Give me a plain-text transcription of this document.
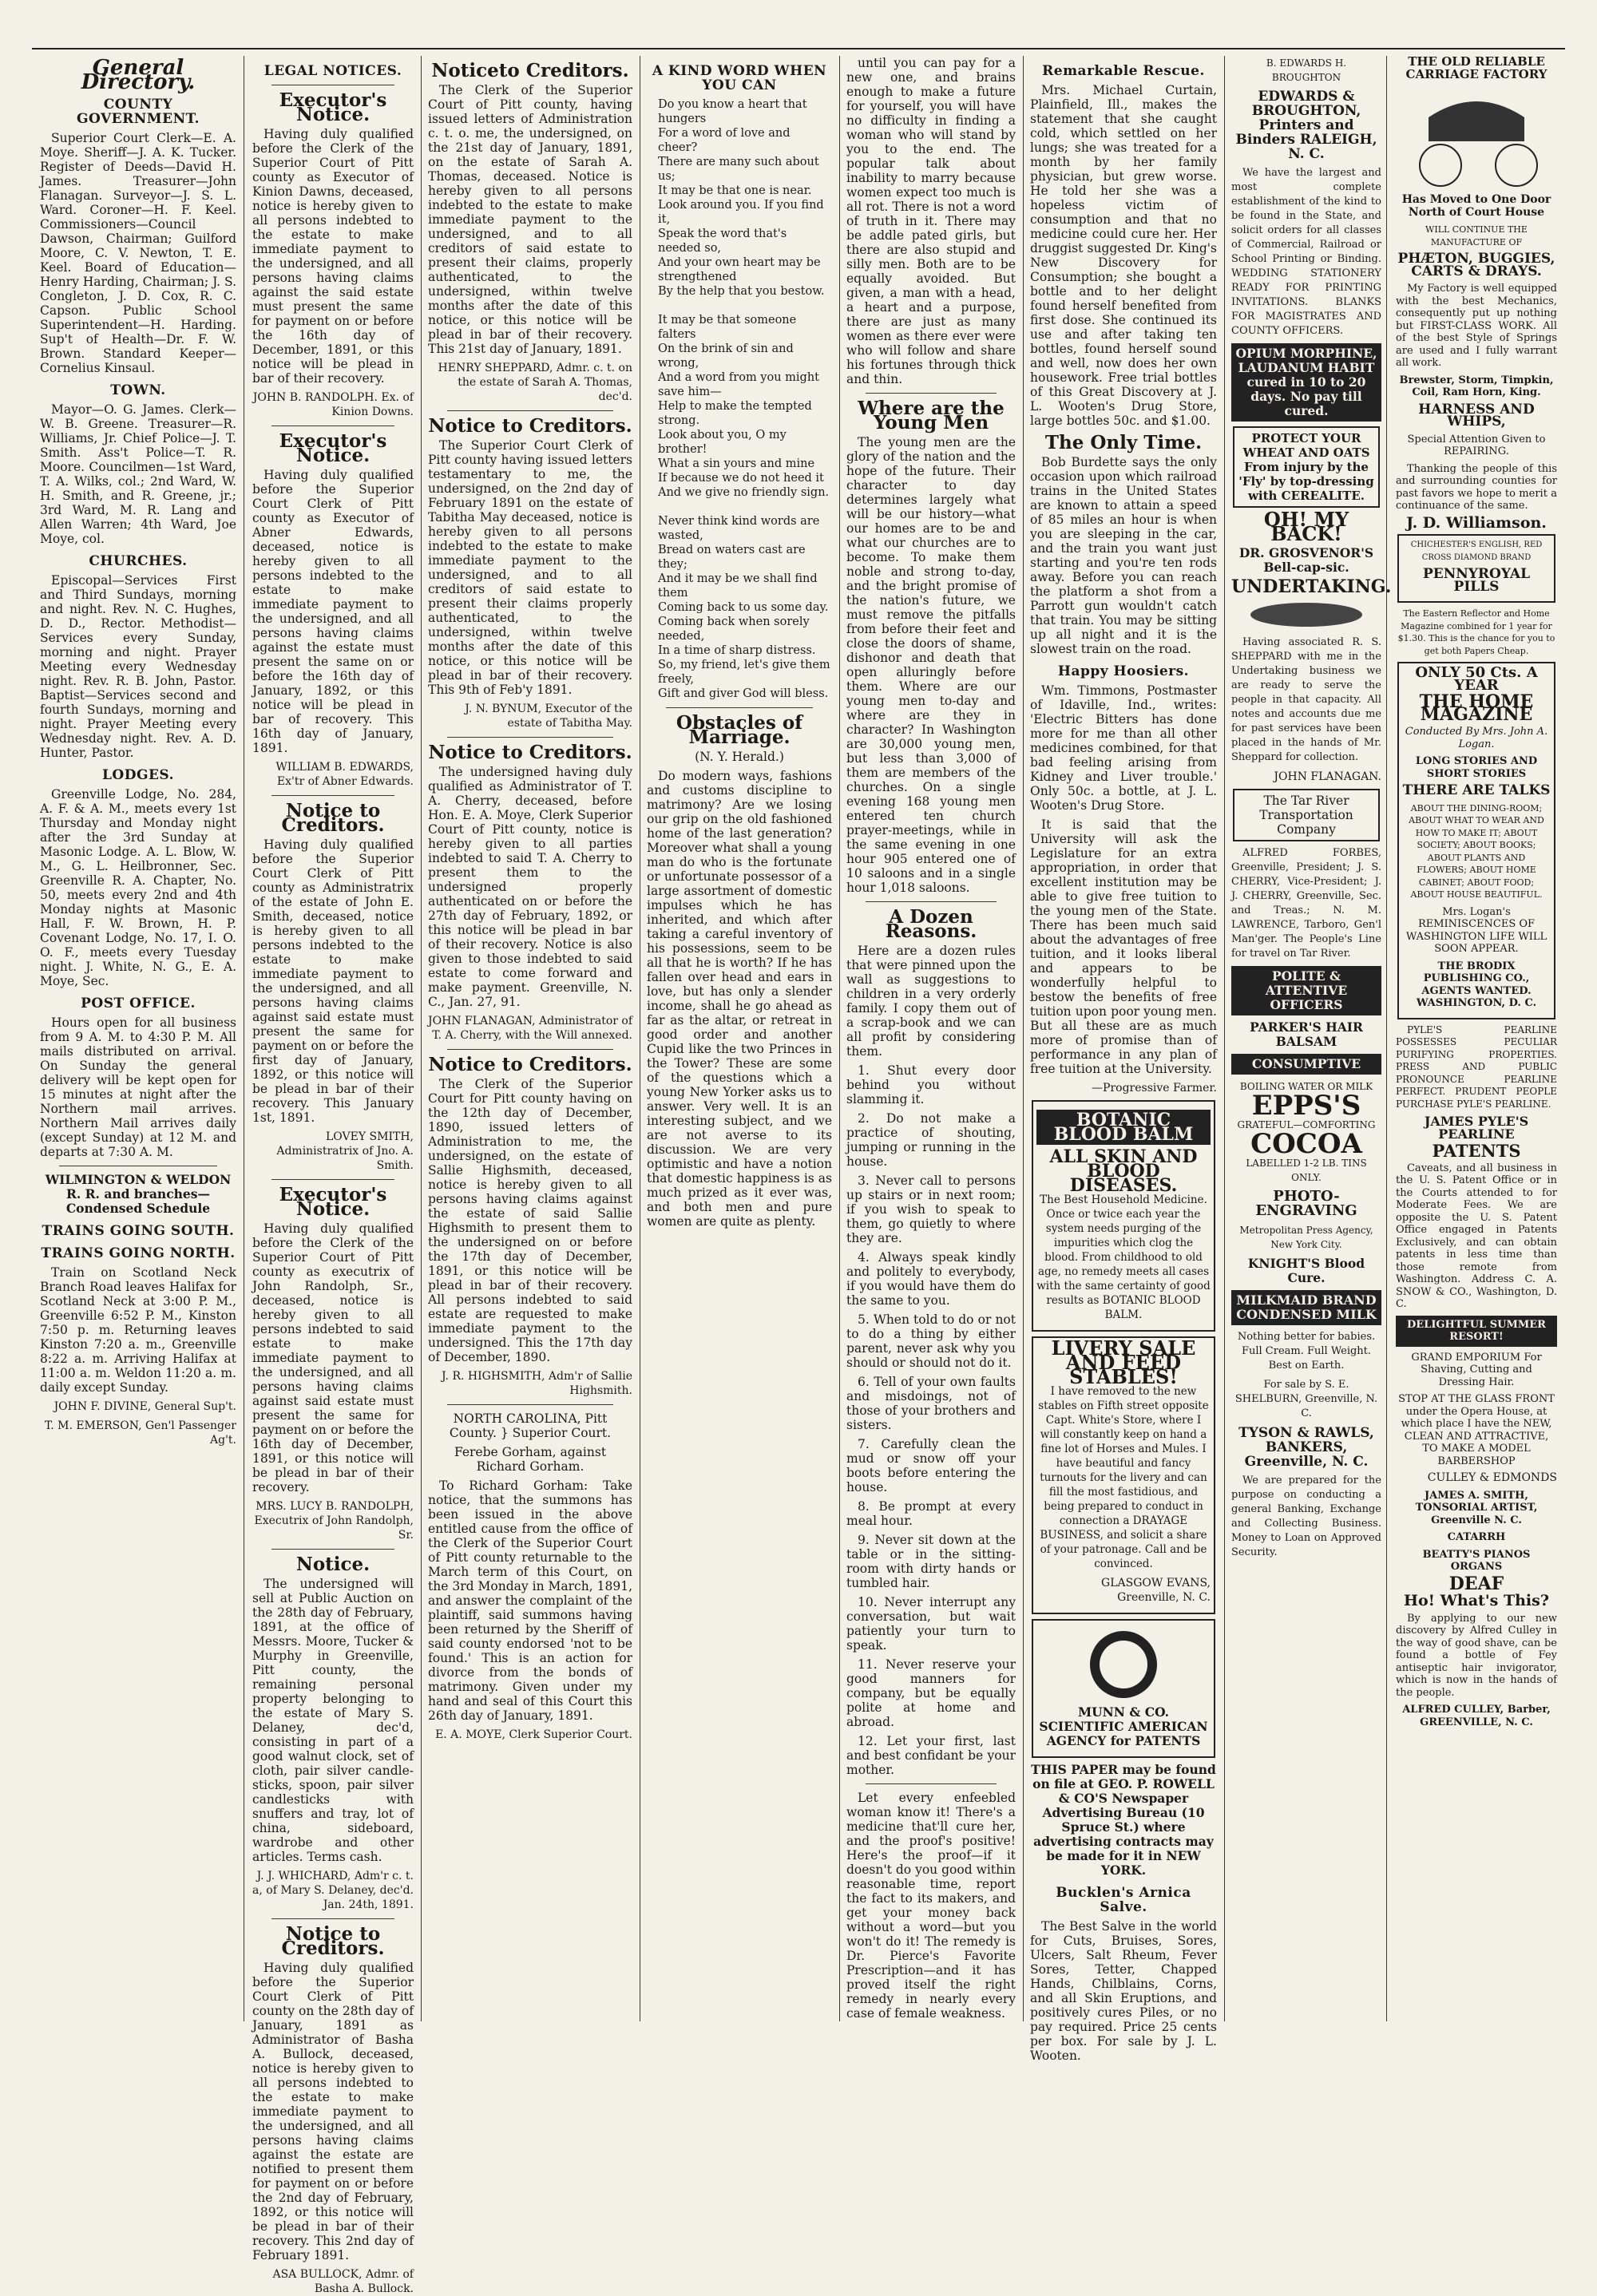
General Directory.
COUNTY GOVERNMENT.

Superior Court Clerk—E. A. Moye. Sheriff—J. A. K. Tucker. Register of Deeds—David H. James. Treasurer—John Flanagan. Surveyor—J. S. L. Ward. Coroner—H. F. Keel. Commissioners—Council Dawson, Chairman; Guilford Moore, C. V. Newton, T. E. Keel. Board of Education—Henry Harding, Chairman; J. S. Congleton, J. D. Cox, R. C. Capson. Public School Superintendent—H. Harding. Sup't of Health—Dr. F. W. Brown. Standard Keeper—Cornelius Kinsaul.

TOWN.

Mayor—O. G. James. Clerk—W. B. Greene. Treasurer—R. Williams, Jr. Chief Police—J. T. Smith. Ass't Police—T. R. Moore. Councilmen—1st Ward, T. A. Wilks, col.; 2nd Ward, W. H. Smith, and R. Greene, jr.; 3rd Ward, M. R. Lang and Allen Warren; 4th Ward, Joe Moye, col.

CHURCHES.

Episcopal—Services First and Third Sundays, morning and night. Rev. N. C. Hughes, D. D., Rector. Methodist—Services every Sunday, morning and night. Prayer Meeting every Wednesday night. Rev. R. B. John, Pastor. Baptist—Services second and fourth Sundays, morning and night. Prayer Meeting every Wednesday night. Rev. A. D. Hunter, Pastor.

LODGES.

Greenville Lodge, No. 284, A. F. & A. M., meets every 1st Thursday and Monday night after the 3rd Sunday at Masonic Lodge. A. L. Blow, W. M., G. L. Heilbronner, Sec. Greenville R. A. Chapter, No. 50, meets every 2nd and 4th Monday nights at Masonic Hall, F. W. Brown, H. P. Covenant Lodge, No. 17, I. O. O. F., meets every Tuesday night. J. White, N. G., E. A. Moye, Sec.

POST OFFICE.

Hours open for all business from 9 A. M. to 4:30 P. M. All mails distributed on arrival. On Sunday the general delivery will be kept open for 15 minutes at night after the Northern mail arrives. Northern Mail arrives daily (except Sunday) at 12 M. and departs at 7:30 A. M.

WILMINGTON & WELDON R. R. and branches—Condensed Schedule

TRAINS GOING SOUTH.
TRAINS GOING NORTH.

Train on Scotland Neck Branch Road leaves Halifax for Scotland Neck at 3:00 P. M., Greenville 6:52 P. M., Kinston 7:50 p. m. Returning leaves Kinston 7:20 a. m., Greenville 8:22 a. m. Arriving Halifax at 11:00 a. m. Weldon 11:20 a. m. daily except Sunday.

JOHN F. DIVINE, General Sup't.

T. M. EMERSON, Gen'l Passenger Ag't.

LEGAL NOTICES.
Executor's Notice.

Having duly qualified before the Clerk of the Superior Court of Pitt county as Executor of Kinion Dawns, deceased, notice is hereby given to all persons indebted to the estate to make immediate payment to the undersigned, and all persons having claims against the said estate must present the same for payment on or before the 16th day of December, 1891, or this notice will be plead in bar of their recovery.

JOHN B. RANDOLPH. Ex. of Kinion Downs.

Executor's Notice.

Having duly qualified before the Superior Court Clerk of Pitt county as Executor of Abner Edwards, deceased, notice is hereby given to all persons indebted to the estate to make immediate payment to the undersigned, and all persons having claims against the estate must present the same on or before the 16th day of January, 1892, or this notice will be plead in bar of recovery. This 16th day of January, 1891.

WILLIAM B. EDWARDS, Ex'tr of Abner Edwards.

Notice to Creditors.

Having duly qualified before the Superior Court Clerk of Pitt county as Administratrix of the estate of John E. Smith, deceased, notice is hereby given to all persons indebted to the estate to make immediate payment to the undersigned, and all persons having claims against said estate must present the same for payment on or before the first day of January, 1892, or this notice will be plead in bar of their recovery. This January 1st, 1891.

LOVEY SMITH, Administratrix of Jno. A. Smith.

Executor's Notice.

Having duly qualified before the Clerk of the Superior Court of Pitt county as executrix of John Randolph, Sr., deceased, notice is hereby given to all persons indebted to said estate to make immediate payment to the undersigned, and all persons having claims against said estate must present the same for payment on or before the 16th day of December, 1891, or this notice will be plead in bar of their recovery.

MRS. LUCY B. RANDOLPH, Executrix of John Randolph, Sr.

Notice.

The undersigned will sell at Public Auction on the 28th day of February, 1891, at the office of Messrs. Moore, Tucker & Murphy in Greenville, Pitt county, the remaining personal property belonging to the estate of Mary S. Delaney, dec'd, consisting in part of a good walnut clock, set of cloth, pair silver candle-sticks, spoon, pair silver candlesticks with snuffers and tray, lot of china, sideboard, wardrobe and other articles. Terms cash.

J. J. WHICHARD, Adm'r c. t. a, of Mary S. Delaney, dec'd. Jan. 24th, 1891.

Notice to Creditors.

Having duly qualified before the Superior Court Clerk of Pitt county on the 28th day of January, 1891 as Administrator of Basha A. Bullock, deceased, notice is hereby given to all persons indebted to the estate to make immediate payment to the undersigned, and all persons having claims against the estate are notified to present them for payment on or before the 2nd day of February, 1892, or this notice will be plead in bar of their recovery. This 2nd day of February 1891.

ASA BULLOCK, Admr. of Basha A. Bullock.

Noticeto Creditors.

The Clerk of the Superior Court of Pitt county, having issued letters of Administration c. t. o. me, the undersigned, on the 21st day of January, 1891, on the estate of Sarah A. Thomas, deceased. Notice is hereby given to all persons indebted to the estate to make immediate payment to the undersigned, and to all creditors of said estate to present their claims, properly authenticated, to the undersigned, within twelve months after the date of this notice, or this notice will be plead in bar of their recovery. This 21st day of January, 1891.

HENRY SHEPPARD, Admr. c. t. on the estate of Sarah A. Thomas, dec'd.

Notice to Creditors.

The Superior Court Clerk of Pitt county having issued letters testamentary to me, the undersigned, on the 2nd day of February 1891 on the estate of Tabitha May deceased, notice is hereby given to all persons indebted to the estate to make immediate payment to the undersigned, and to all creditors of said estate to present their claims properly authenticated, to the undersigned, within twelve months after the date of this notice, or this notice will be plead in bar of their recovery. This 9th of Feb'y 1891.

J. N. BYNUM, Executor of the estate of Tabitha May.

Notice to Creditors.

The undersigned having duly qualified as Administrator of T. A. Cherry, deceased, before Hon. E. A. Moye, Clerk Superior Court of Pitt county, notice is hereby given to all parties indebted to said T. A. Cherry to present them to the undersigned properly authenticated on or before the 27th day of February, 1892, or this notice will be plead in bar of their recovery. Notice is also given to those indebted to said estate to come forward and make payment. Greenville, N. C., Jan. 27, 91.

JOHN FLANAGAN, Administrator of T. A. Cherry, with the Will annexed.

Notice to Creditors.

The Clerk of the Superior Court for Pitt county having on the 12th day of December, 1890, issued letters of Administration to me, the undersigned, on the estate of Sallie Highsmith, deceased, notice is hereby given to all persons having claims against the estate of said Sallie Highsmith to present them to the undersigned on or before the 17th day of December, 1891, or this notice will be plead in bar of their recovery. All persons indebted to said estate are requested to make immediate payment to the undersigned. This the 17th day of December, 1890.

J. R. HIGHSMITH, Adm'r of Sallie Highsmith.

NORTH CAROLINA, Pitt County. } Superior Court.

Ferebe Gorham, against Richard Gorham.

To Richard Gorham: Take notice, that the summons has been issued in the above entitled cause from the office of the Clerk of the Superior Court of Pitt county returnable to the March term of this Court, on the 3rd Monday in March, 1891, and answer the complaint of the plaintiff, said summons having been returned by the Sheriff of said county endorsed 'not to be found.' This is an action for divorce from the bonds of matrimony. Given under my hand and seal of this Court this 26th day of January, 1891.

E. A. MOYE, Clerk Superior Court.

A KIND WORD WHEN YOU CAN

Do you know a heart that hungers
For a word of love and cheer?
There are many such about us;
It may be that one is near.
Look around you. If you find it,
Speak the word that's needed so,
And your own heart may be strengthened
By the help that you bestow.

It may be that someone falters
On the brink of sin and wrong,
And a word from you might save him—
Help to make the tempted strong.
Look about you, O my brother!
What a sin yours and mine
If because we do not heed it
And we give no friendly sign.

Never think kind words are wasted,
Bread on waters cast are they;
And it may be we shall find them
Coming back to us some day.
Coming back when sorely needed,
In a time of sharp distress.
So, my friend, let's give them freely,
Gift and giver God will bless.

Obstacles of Marriage.

(N. Y. Herald.)

Do modern ways, fashions and customs discipline to matrimony? Are we losing our grip on the old fashioned home of the last generation? Moreover what shall a young man do who is the fortunate or unfortunate possessor of a large assortment of domestic impulses which he has inherited, and which after taking a careful inventory of his possessions, seem to be all that he is worth? If he has fallen over head and ears in love, but has only a slender income, shall he go ahead as far as the altar, or retreat in good order and another Cupid like the two Princes in the Tower? These are some of the questions which a young New Yorker asks us to answer. Very well. It is an interesting subject, and we are not averse to its discussion. We are very optimistic and have a notion that domestic happiness is as much prized as it ever was, and both men and pure women are quite as plenty.

until you can pay for a new one, and brains enough to make a future for yourself, you will have no difficulty in finding a woman who will stand by you to the end. The popular talk about inability to marry because women expect too much is all rot. There is not a word of truth in it. There may be addle pated girls, but there are also stupid and silly men. Both are to be equally avoided. But given, a man with a head, a heart and a purpose, there are just as many women as there ever were who will follow and share his fortunes through thick and thin.

Where are the Young Men

The young men are the glory of the nation and the hope of the future. Their character to day determines largely what will be our history—what our homes are to be and what our churches are to become. To make them noble and strong to-day, and the bright promise of the nation's future, we must remove the pitfalls from before their feet and close the doors of shame, dishonor and death that open alluringly before them. Where are our young men to-day and where are they in character? In Washington are 30,000 young men, but less than 3,000 of them are members of the churches. On a single evening 168 young men entered ten church prayer-meetings, while in the same evening in one hour 905 entered one of 10 saloons and in a single hour 1,018 saloons.

A Dozen Reasons.

Here are a dozen rules that were pinned upon the wall as suggestions to children in a very orderly family. I copy them out of a scrap-book and we can all profit by considering them.

1. Shut every door behind you without slamming it.

2. Do not make a practice of shouting, jumping or running in the house.

3. Never call to persons up stairs or in next room; if you wish to speak to them, go quietly to where they are.

4. Always speak kindly and politely to everybody, if you would have them do the same to you.

5. When told to do or not to do a thing by either parent, never ask why you should or should not do it.

6. Tell of your own faults and misdoings, not of those of your brothers and sisters.

7. Carefully clean the mud or snow off your boots before entering the house.

8. Be prompt at every meal hour.

9. Never sit down at the table or in the sitting-room with dirty hands or tumbled hair.

10. Never interrupt any conversation, but wait patiently your turn to speak.

11. Never reserve your good manners for company, but be equally polite at home and abroad.

12. Let your first, last and best confidant be your mother.

Let every enfeebled woman know it! There's a medicine that'll cure her, and the proof's positive! Here's the proof—if it doesn't do you good within reasonable time, report the fact to its makers, and get your money back without a word—but you won't do it! The remedy is Dr. Pierce's Favorite Prescription—and it has proved itself the right remedy in nearly every case of female weakness.

Remarkable Rescue.

Mrs. Michael Curtain, Plainfield, Ill., makes the statement that she caught cold, which settled on her lungs; she was treated for a month by her family physician, but grew worse. He told her she was a hopeless victim of consumption and that no medicine could cure her. Her druggist suggested Dr. King's New Discovery for Consumption; she bought a bottle and to her delight found herself benefited from first dose. She continued its use and after taking ten bottles, found herself sound and well, now does her own housework. Free trial bottles of this Great Discovery at J. L. Wooten's Drug Store, large bottles 50c. and $1.00.

The Only Time.

Bob Burdette says the only occasion upon which railroad trains in the United States are known to attain a speed of 85 miles an hour is when you are sleeping in the car, and the train you want just starting and you're ten rods away. Before you can reach the platform a shot from a Parrott gun wouldn't catch that train. You may be sitting up all night and it is the slowest train on the road.

Happy Hoosiers.

Wm. Timmons, Postmaster of Idaville, Ind., writes: 'Electric Bitters has done more for me than all other medicines combined, for that bad feeling arising from Kidney and Liver trouble.' Only 50c. a bottle, at J. L. Wooten's Drug Store.

It is said that the University will ask the Legislature for an extra appropriation, in order that excellent institution may be able to give free tuition to the young men of the State. There has been much said about the advantages of free tuition, and it looks liberal and appears to be wonderfully helpful to bestow the benefits of free tuition upon poor young men. But all these are as much more of promise than of performance in any plan of free tuition at the University.

—Progressive Farmer.

BOTANIC BLOOD BALM
ALL SKIN AND BLOOD DISEASES.

The Best Household Medicine. Once or twice each year the system needs purging of the impurities which clog the blood. From childhood to old age, no remedy meets all cases with the same certainty of good results as BOTANIC BLOOD BALM.

LIVERY SALE AND FEED STABLES!

I have removed to the new stables on Fifth street opposite Capt. White's Store, where I will constantly keep on hand a fine lot of Horses and Mules. I have beautiful and fancy turnouts for the livery and can fill the most fastidious, and being prepared to conduct in connection a DRAYAGE BUSINESS, and solicit a share of your patronage. Call and be convinced.

GLASGOW EVANS, Greenville, N. C.

MUNN & CO. SCIENTIFIC AMERICAN AGENCY for PATENTS

THIS PAPER may be found on file at GEO. P. ROWELL & CO'S Newspaper Advertising Bureau (10 Spruce St.) where advertising contracts may be made for it in NEW YORK.

Bucklen's Arnica Salve.

The Best Salve in the world for Cuts, Bruises, Sores, Ulcers, Salt Rheum, Fever Sores, Tetter, Chapped Hands, Chilblains, Corns, and all Skin Eruptions, and positively cures Piles, or no pay required. Price 25 cents per box. For sale by J. L. Wooten.

B. EDWARDS H. BROUGHTON

EDWARDS & BROUGHTON, Printers and Binders RALEIGH, N. C.

We have the largest and most complete establishment of the kind to be found in the State, and solicit orders for all classes of Commercial, Railroad or School Printing or Binding. WEDDING STATIONERY READY FOR PRINTING INVITATIONS. BLANKS FOR MAGISTRATES AND COUNTY OFFICERS.

OPIUM MORPHINE, LAUDANUM HABIT cured in 10 to 20 days. No pay till cured.
PROTECT YOUR WHEAT AND OATS From injury by the 'Fly' by top-dressing with CEREALITE.

OH! MY BACK!

DR. GROSVENOR'S Bell-cap-sic.

UNDERTAKING.

Having associated R. S. SHEPPARD with me in the Undertaking business we are ready to serve the people in that capacity. All notes and accounts due me for past services have been placed in the hands of Mr. Sheppard for collection.

JOHN FLANAGAN.

The Tar River Transportation Company

ALFRED FORBES, Greenville, President; J. S. CHERRY, Vice-President; J. J. CHERRY, Greenville, Sec. and Treas.; N. M. LAWRENCE, Tarboro, Gen'l Man'ger. The People's Line for travel on Tar River.

POLITE & ATTENTIVE OFFICERS

PARKER'S HAIR BALSAM

CONSUMPTIVE

BOILING WATER OR MILK

EPPS'S

GRATEFUL—COMFORTING

COCOA

LABELLED 1-2 LB. TINS ONLY.

PHOTO-ENGRAVING

Metropolitan Press Agency, New York City.

KNIGHT'S Blood Cure.

MILKMAID BRAND CONDENSED MILK

Nothing better for babies. Full Cream. Full Weight. Best on Earth.

For sale by S. E. SHELBURN, Greenville, N. C.

TYSON & RAWLS, BANKERS, Greenville, N. C.

We are prepared for the purpose on conducting a general Banking, Exchange and Collecting Business. Money to Loan on Approved Security.

THE OLD RELIABLE CARRIAGE FACTORY

Has Moved to One Door North of Court House

WILL CONTINUE THE MANUFACTURE OF

PHÆTON, BUGGIES, CARTS & DRAYS.

My Factory is well equipped with the best Mechanics, consequently put up nothing but FIRST-CLASS WORK. All of the best Style of Springs are used and I fully warrant all work.

Brewster, Storm, Timpkin, Coil, Ram Horn, King.

HARNESS AND WHIPS,

Special Attention Given to REPAIRING.

Thanking the people of this and surrounding counties for past favors we hope to merit a continuance of the same.

J. D. Williamson.

CHICHESTER'S ENGLISH, RED CROSS DIAMOND BRAND

PENNYROYAL PILLS

The Eastern Reflector and Home Magazine combined for 1 year for $1.30. This is the chance for you to get both Papers Cheap.

ONLY 50 Cts. A YEAR

THE HOME MAGAZINE

Conducted By Mrs. John A. Logan.

LONG STORIES AND SHORT STORIES

THERE ARE TALKS

ABOUT THE DINING-ROOM; ABOUT WHAT TO WEAR AND HOW TO MAKE IT; ABOUT SOCIETY; ABOUT BOOKS; ABOUT PLANTS AND FLOWERS; ABOUT HOME CABINET; ABOUT FOOD; ABOUT HOUSE BEAUTIFUL.

Mrs. Logan's REMINISCENCES OF WASHINGTON LIFE WILL SOON APPEAR.

THE BRODIX PUBLISHING CO., AGENTS WANTED. WASHINGTON, D. C.

PYLE'S PEARLINE POSSESSES PECULIAR PURIFYING PROPERTIES. PRESS AND PUBLIC PRONOUNCE PEARLINE PERFECT. PRUDENT PEOPLE PURCHASE PYLE'S PEARLINE.

JAMES PYLE'S PEARLINE

PATENTS

Caveats, and all business in the U. S. Patent Office or in the Courts attended to for Moderate Fees. We are opposite the U. S. Patent Office engaged in Patents Exclusively, and can obtain patents in less time than those remote from Washington. Address C. A. SNOW & CO., Washington, D. C.

DELIGHTFUL SUMMER RESORT!

GRAND EMPORIUM For Shaving, Cutting and Dressing Hair.

STOP AT THE GLASS FRONT under the Opera House, at which place I have the NEW, CLEAN AND ATTRACTIVE, TO MAKE A MODEL BARBERSHOP

CULLEY & EDMONDS

JAMES A. SMITH, TONSORIAL ARTIST, Greenville N. C.

CATARRH

BEATTY'S PIANOS ORGANS

DEAF

Ho! What's This?

By applying to our new discovery by Alfred Culley in the way of good shave, can be found a bottle of Fey antiseptic hair invigorator, which is now in the hands of the people.

ALFRED CULLEY, Barber, GREENVILLE, N. C.
